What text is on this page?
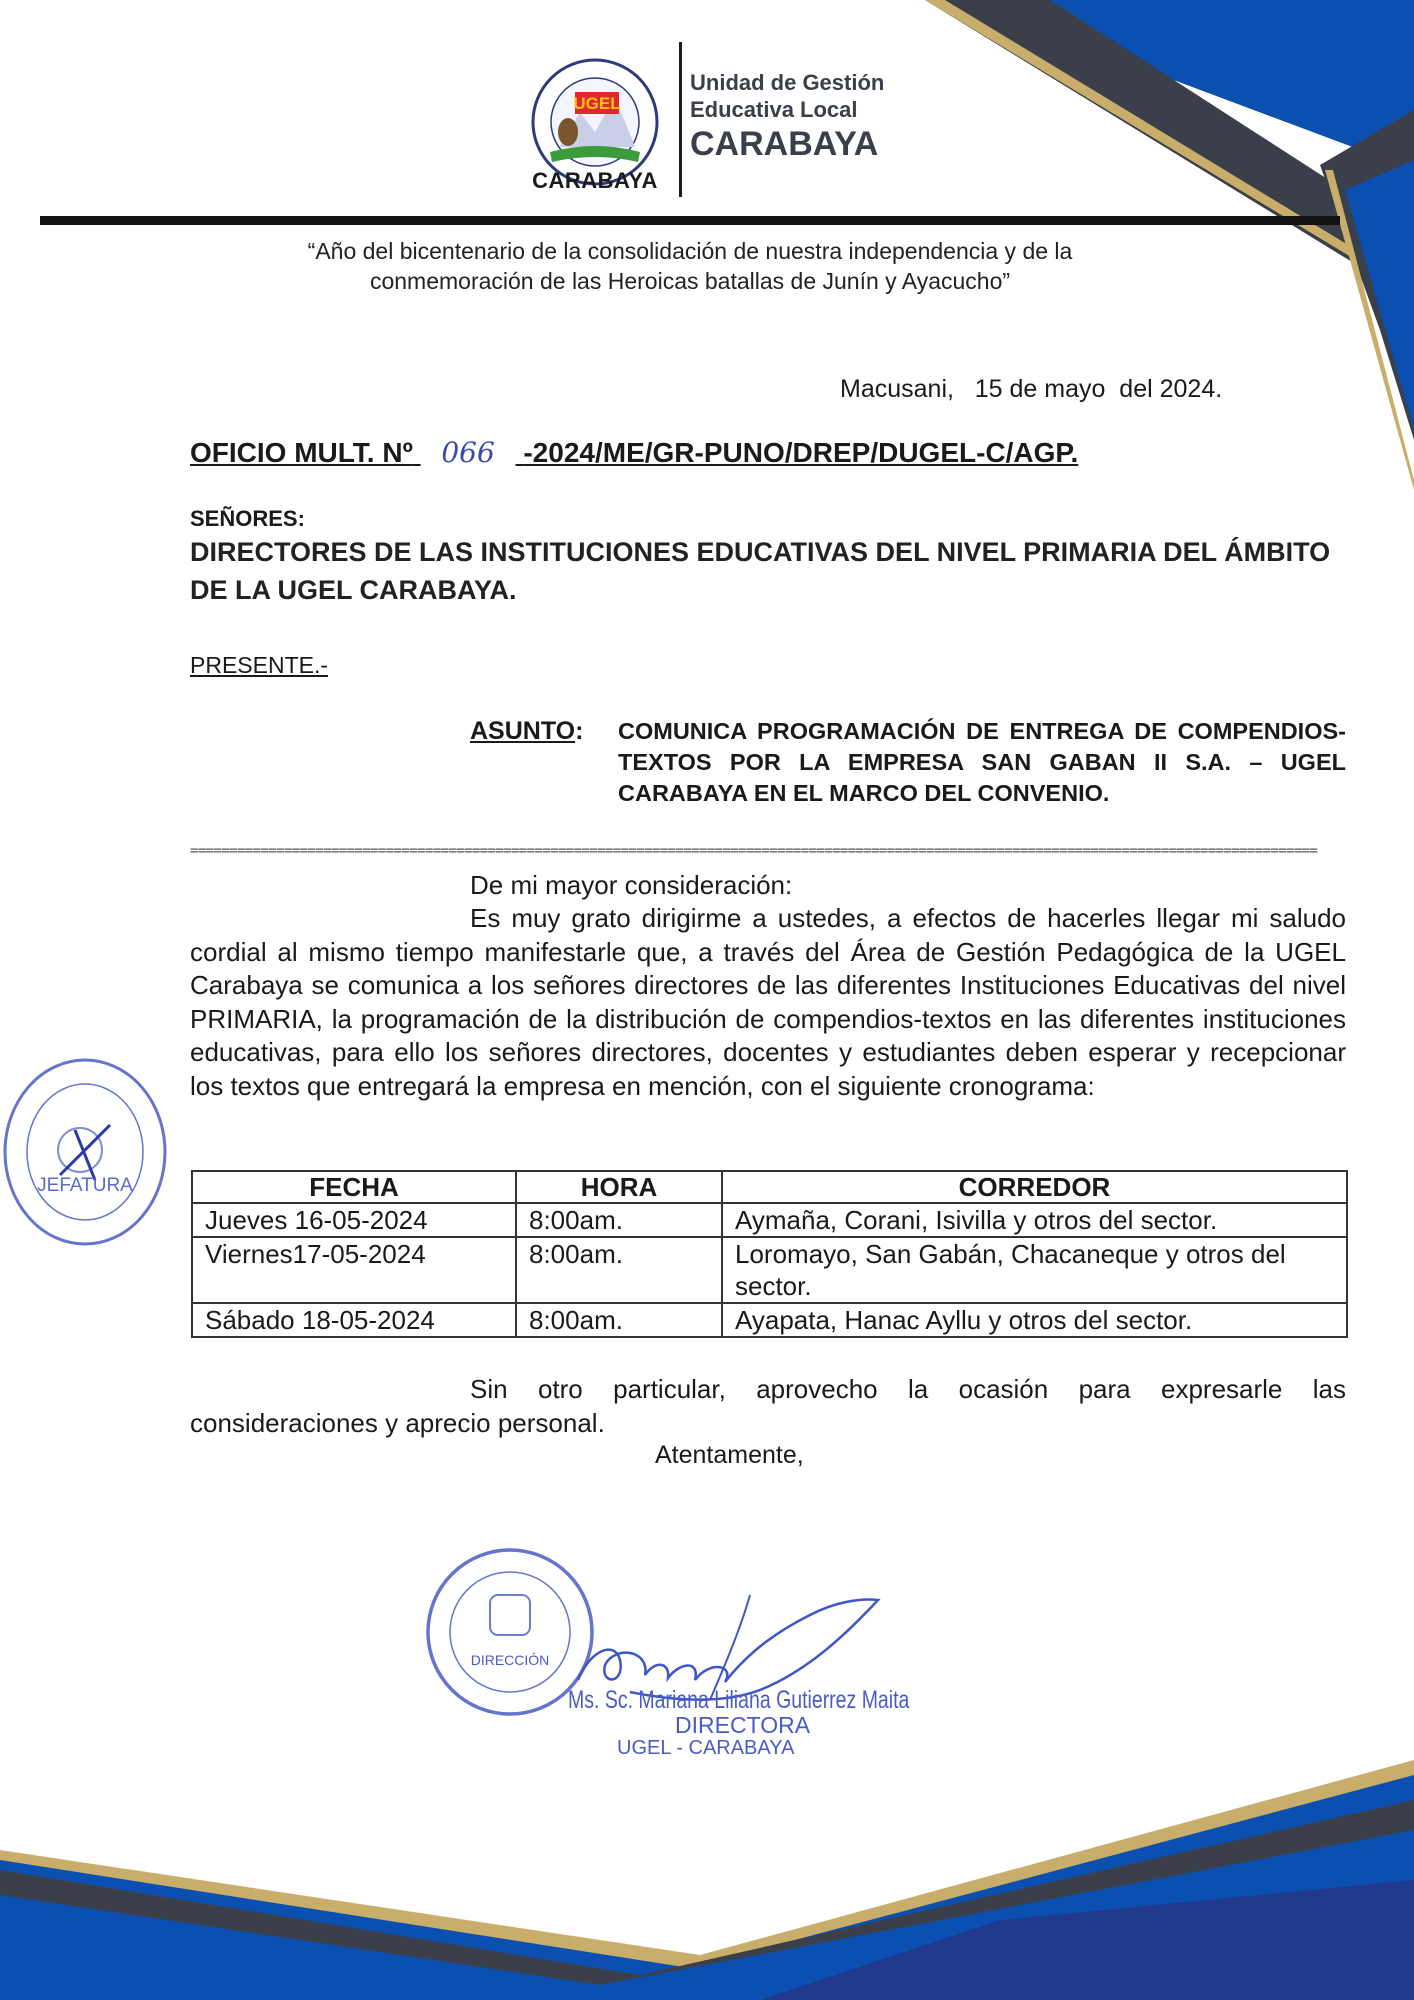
UGEL
CARABAYA
Unidad de Gestión
Educativa Local
CARABAYA
“Año del bicentenario de la consolidación de nuestra independencia y de la
conmemoración de las Heroicas batallas de Junín y Ayacucho”
Macusani,   15 de mayo  del 2024.
OFICIO MULT. Nº 066 -2024/ME/GR-PUNO/DREP/DUGEL-C/AGP.
SEÑORES:
DIRECTORES DE LAS INSTITUCIONES EDUCATIVAS DEL NIVEL PRIMARIA DEL ÁMBITO DE LA UGEL CARABAYA.
PRESENTE.-
ASUNTO: COMUNICA PROGRAMACIÓN DE ENTREGA DE COMPENDIOS-TEXTOS POR LA EMPRESA SAN GABAN II S.A. – UGEL CARABAYA EN EL MARCO DEL CONVENIO.
================================================================================================================================================
De mi mayor consideración:
Es muy grato dirigirme a ustedes, a efectos de hacerles llegar mi saludo cordial al mismo tiempo manifestarle que, a través del Área de Gestión Pedagógica de la UGEL Carabaya se comunica a los señores directores de las diferentes Instituciones Educativas del nivel PRIMARIA, la programación de la distribución de compendios-textos en las diferentes instituciones educativas, para ello los señores directores, docentes y estudiantes deben esperar y recepcionar los textos que entregará la empresa en mención, con el siguiente cronograma:
FECHA	HORA	CORREDOR
Jueves 16-05-2024	8:00am.	Aymaña, Corani, Isivilla y otros del sector.
Viernes17-05-2024	8:00am.	Loromayo, San Gabán, Chacaneque y otros del sector.
Sábado 18-05-2024	8:00am.	Ayapata, Hanac Ayllu y otros del sector.
Sin otro particular, aprovecho la ocasión para expresarle las consideraciones y aprecio personal.
Atentamente,
JEFATURA
DIRECCIÓN
Ms. Sc. Mariana Liliana Gutierrez Maita
DIRECTORA
UGEL - CARABAYA
